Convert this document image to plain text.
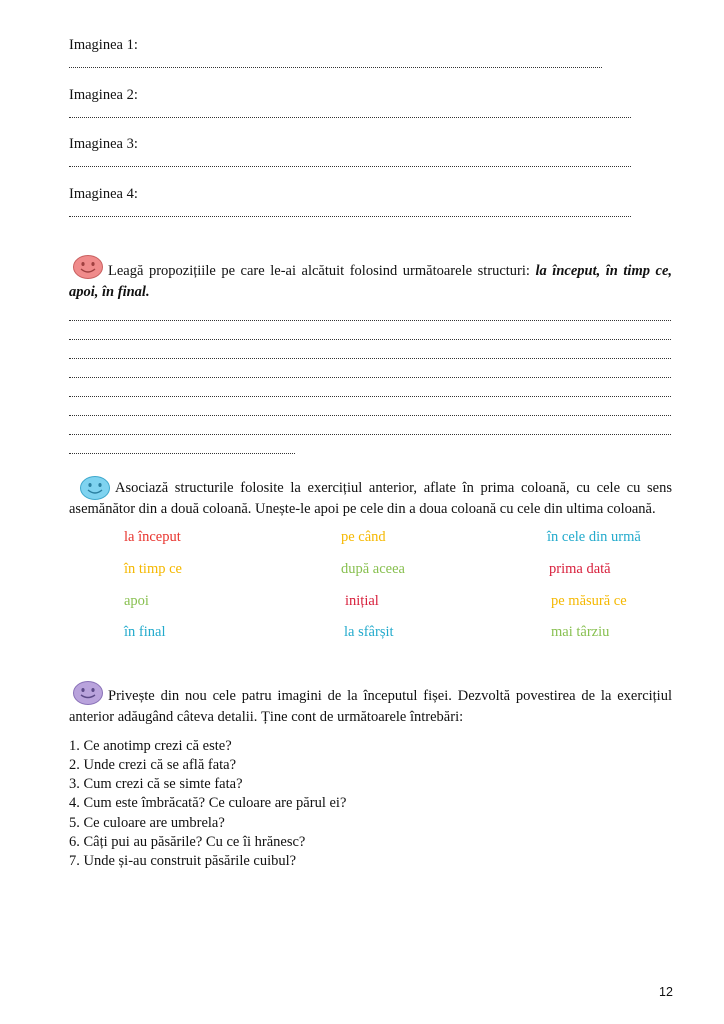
Imaginea 1:
Imaginea 2:
Imaginea 3:
Imaginea 4:
Leagă propozițiile pe care le-ai alcătuit folosind următoarele structuri: la început, în timp ce, apoi, în final.
Asociază structurile folosite la exercițiul anterior, aflate în prima coloană, cu cele cu sens asemănător din a două coloană. Unește-le apoi pe cele din a doua coloană cu cele din ultima coloană.
la început	pe când	în cele din urmă
în timp ce	după aceea	prima dată
apoi	inițial	pe măsură ce
în final	la sfârșit	mai târziu
Privește din nou cele patru imagini de la începutul fișei. Dezvoltă povestirea de la exercițiul anterior adăugând câteva detalii. Ține cont de următoarele întrebări:
1. Ce anotimp crezi că este?
2. Unde crezi că se află fata?
3. Cum crezi că se simte fata?
4. Cum este îmbrăcată? Ce culoare are părul ei?
5. Ce culoare are umbrela?
6. Câți pui au păsările? Cu ce îi hrănesc?
7. Unde și-au construit păsările cuibul?
12
